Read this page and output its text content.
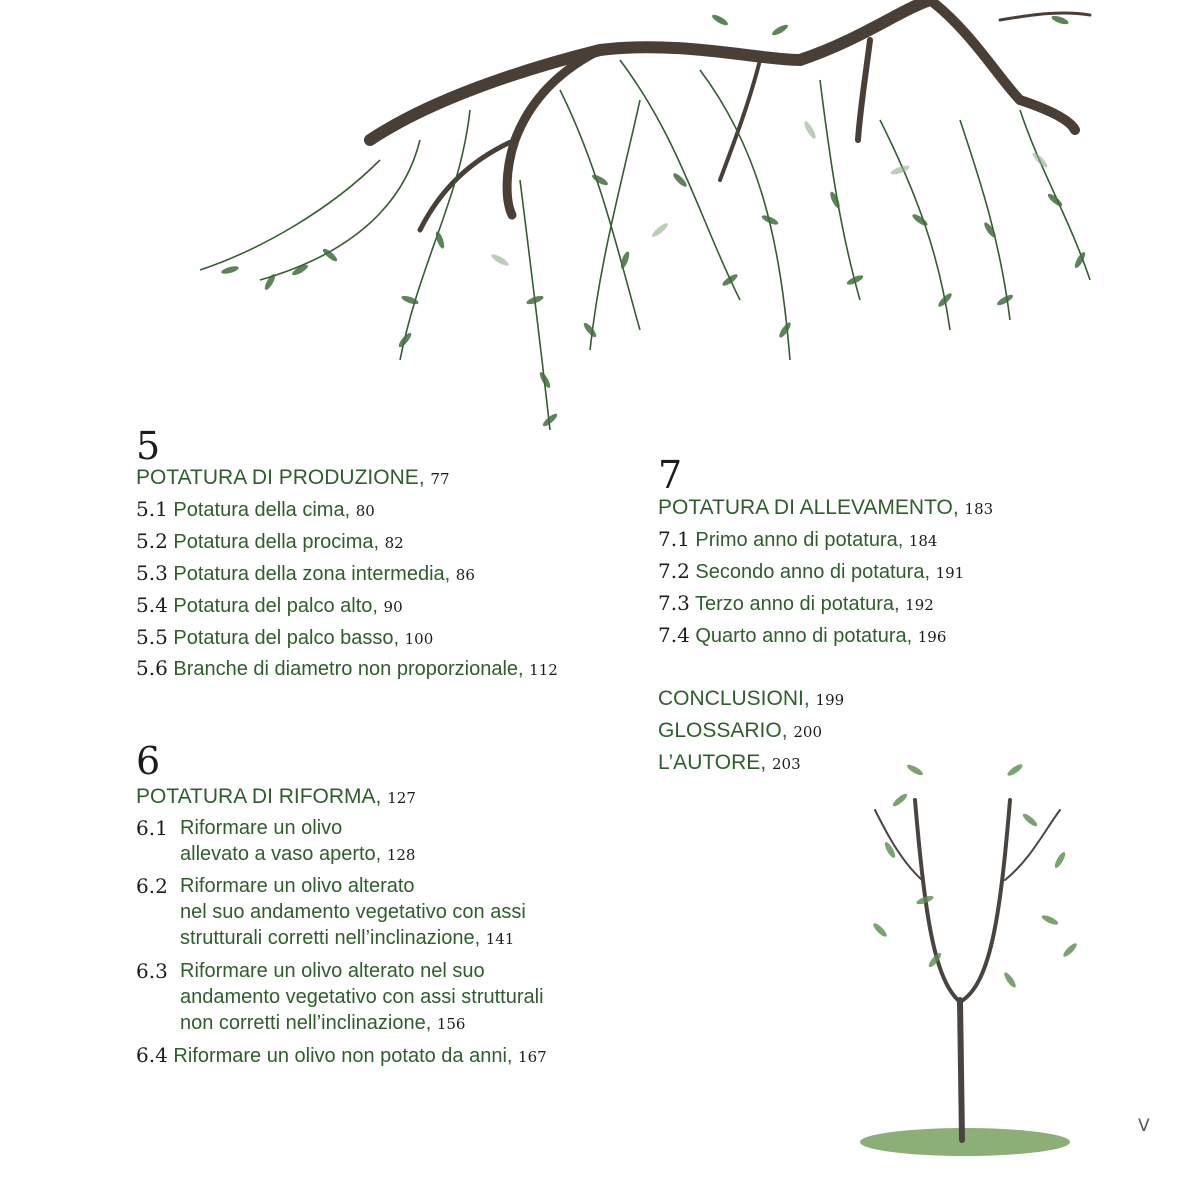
5
POTATURA DI PRODUZIONE, 77
5.1 Potatura della cima, 80
5.2 Potatura della procima, 82
5.3 Potatura della zona intermedia, 86
5.4 Potatura del palco alto, 90
5.5 Potatura del palco basso, 100
5.6 Branche di diametro non proporzionale, 112
6
POTATURA DI RIFORMA, 127
6.1 Riformare un olivo
allevato a vaso aperto, 128
6.2 Riformare un olivo alterato
nel suo andamento vegetativo con assi
strutturali corretti nell’inclinazione, 141
6.3 Riformare un olivo alterato nel suo
andamento vegetativo con assi strutturali
non corretti nell’inclinazione, 156
6.4 Riformare un olivo non potato da anni, 167
7
POTATURA DI ALLEVAMENTO, 183
7.1 Primo anno di potatura, 184
7.2 Secondo anno di potatura, 191
7.3 Terzo anno di potatura, 192
7.4 Quarto anno di potatura, 196
CONCLUSIONI, 199
GLOSSARIO, 200
L’AUTORE, 203
V
